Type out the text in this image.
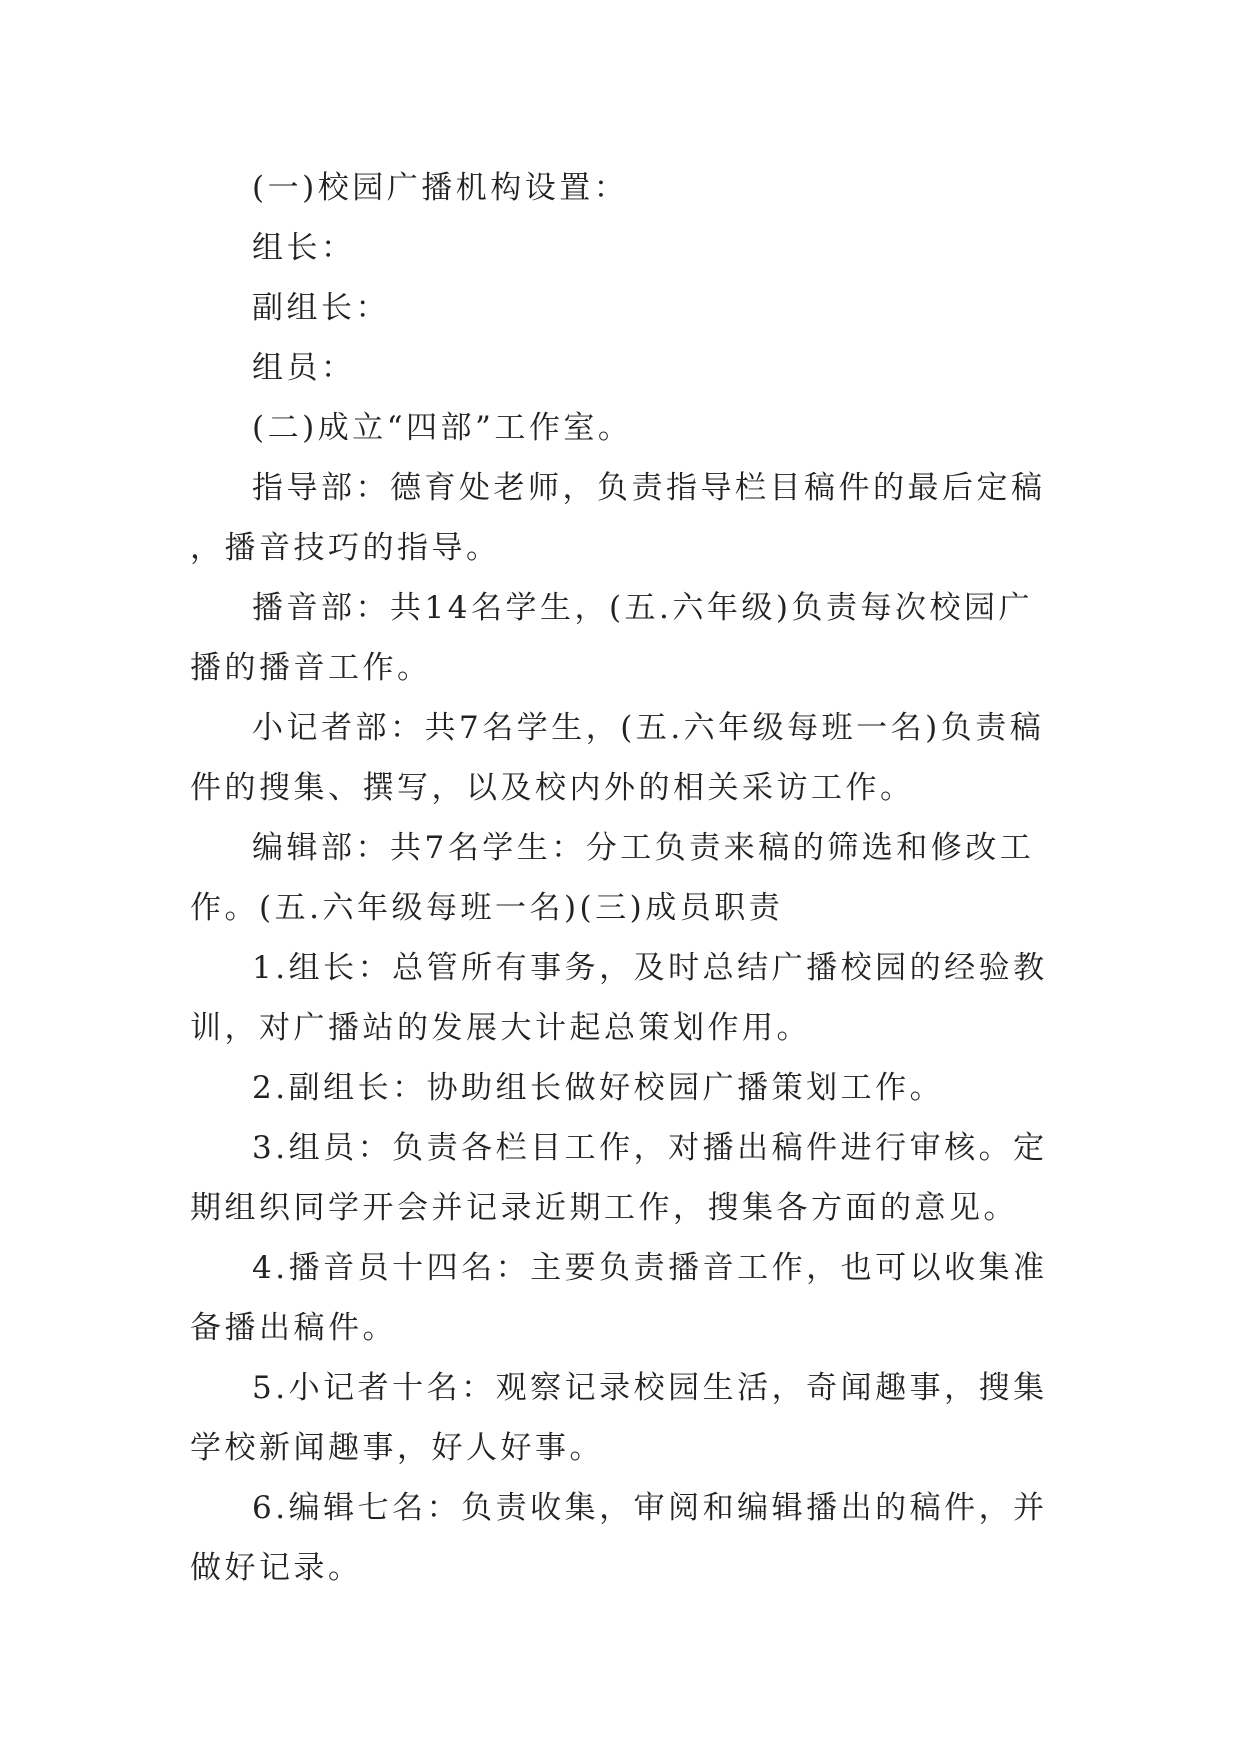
(一)校园广播机构设置：

组长：

副组长：

组员：

(二)成立“四部”工作室。

指导部：德育处老师，负责指导栏目稿件的最后定稿，播音技巧的指导。

播音部：共14名学生，(五.六年级)负责每次校园广播的播音工作。

小记者部：共7名学生，(五.六年级每班一名)负责稿件的搜集、撰写，以及校内外的相关采访工作。

编辑部：共7名学生：分工负责来稿的筛选和修改工作。(五.六年级每班一名)(三)成员职责

1.组长：总管所有事务，及时总结广播校园的经验教训，对广播站的发展大计起总策划作用。

2.副组长：协助组长做好校园广播策划工作。

3.组员：负责各栏目工作，对播出稿件进行审核。定期组织同学开会并记录近期工作，搜集各方面的意见。

4.播音员十四名：主要负责播音工作，也可以收集准备播出稿件。

5.小记者十名：观察记录校园生活，奇闻趣事，搜集学校新闻趣事，好人好事。

6.编辑七名：负责收集，审阅和编辑播出的稿件，并做好记录。
